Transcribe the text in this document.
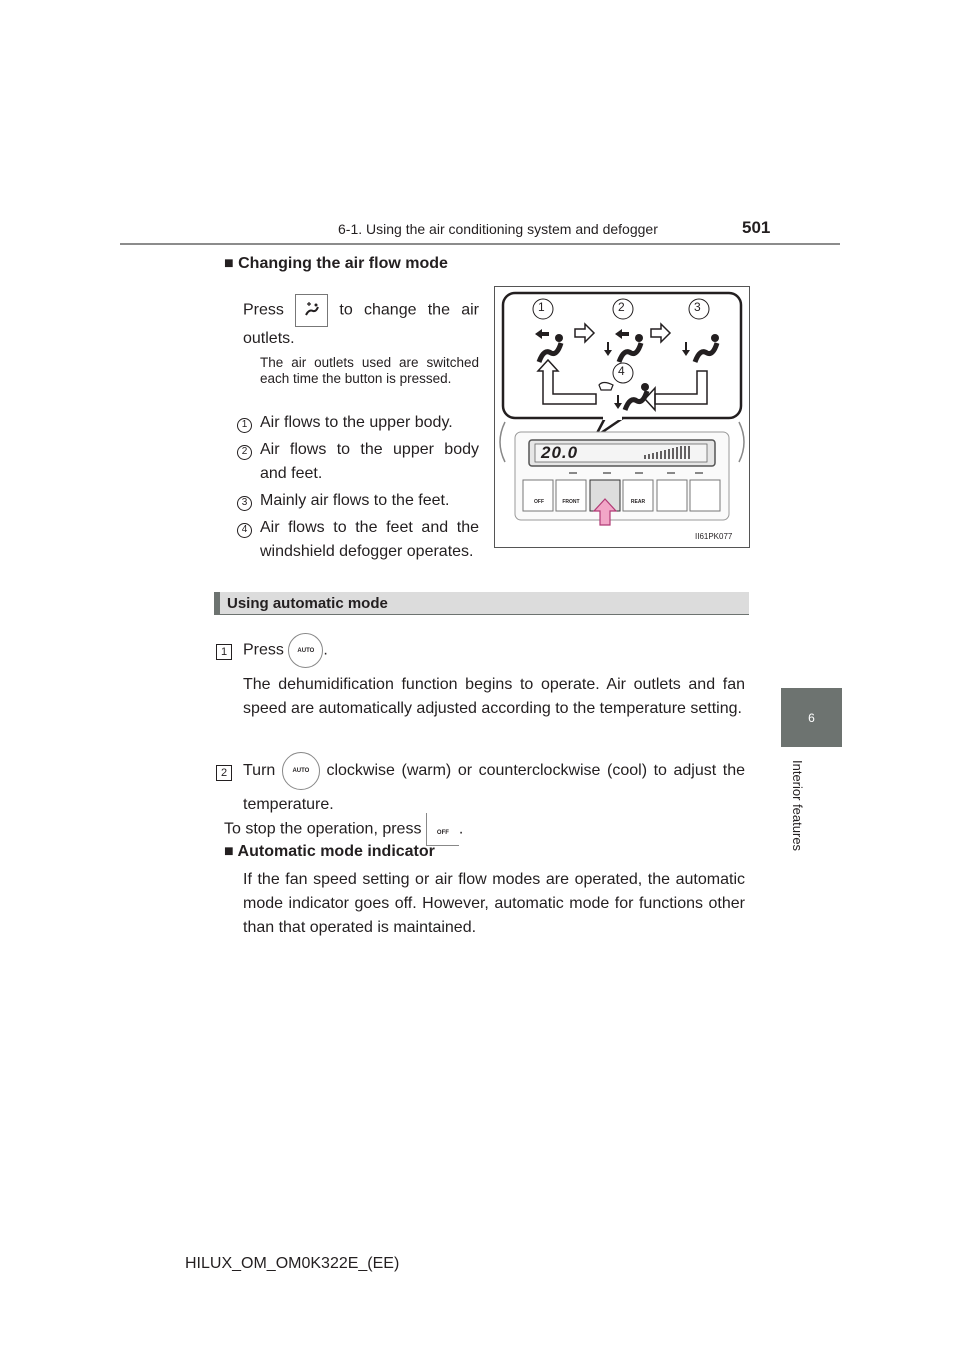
6-1. Using the air conditioning system and defogger	501
6
Interior features
■ Changing the air flow mode
Press	to change the air outlets.
The air outlets used are switched each time the button is pressed.
1 Air flows to the upper body.
2 Air flows to the upper body and feet.
3 Mainly air flows to the feet.
4 Air flows to the feet and the windshield defogger operates.
1	2	3
4
20.0
OFF	FRONT	REAR
II61PK077
Using automatic mode
1 Press AUTO .
The dehumidification function begins to operate. Air outlets and fan speed are automatically adjusted according to the temperature setting.
2 Turn	AUTO clockwise (warm) or counterclockwise (cool) to adjust the temperature.
To stop the operation, press	OFF .
■ Automatic mode indicator
If the fan speed setting or air flow modes are operated, the automatic mode indicator goes off. However, automatic mode for functions other than that operated is maintained.
HILUX_OM_OM0K322E_(EE)
